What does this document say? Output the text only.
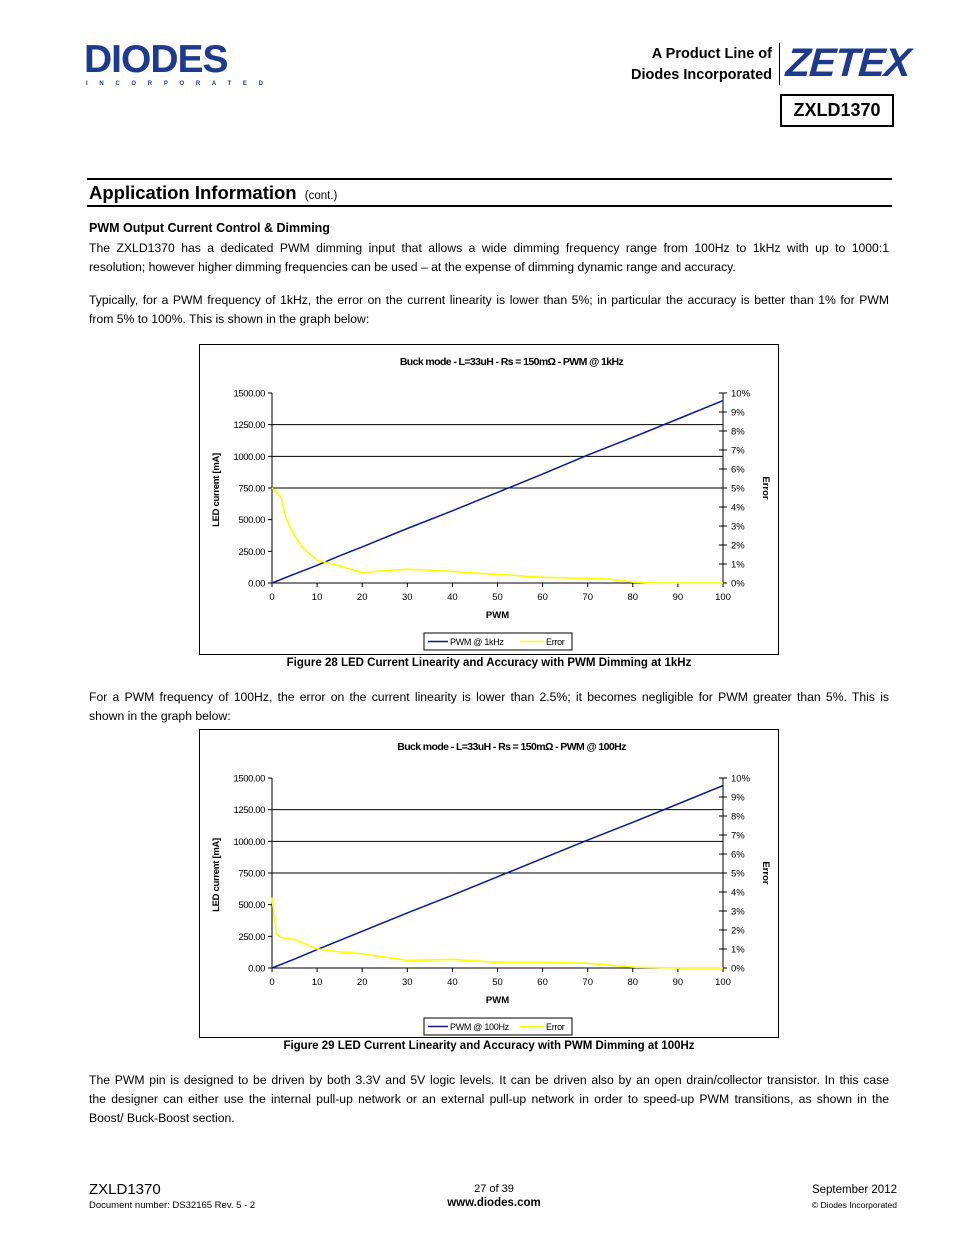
DIODES
INCORPORATED
A Product Line of
Diodes Incorporated ZETEX
ZXLD1370
Application Information (cont.)
PWM Output Current Control & Dimming
The ZXLD1370 has a dedicated PWM dimming input that allows a wide dimming frequency range from 100Hz to 1kHz with up to 1000:1
resolution; however higher dimming frequencies can be used – at the expense of dimming dynamic range and accuracy.
Typically, for a PWM frequency of 1kHz, the error on the current linearity is lower than 5%; in particular the accuracy is better than 1% for PWM
from 5% to 100%. This is shown in the graph below:
Buck mode - L=33uH - Rs = 150mΩ - PWM @ 1kHz
0.00
250.00
500.00
750.00
1000.00
1250.00
1500.00
0%
1%
2%
3%
4%
5%
6%
7%
8%
9%
10%
0	10	20	30	40	50	60	70	80	90	100
PWM
LED current [mA]	Error
PWM @ 1kHz	Error
Figure 28 LED Current Linearity and Accuracy with PWM Dimming at 1kHz
For a PWM frequency of 100Hz, the error on the current linearity is lower than 2.5%; it becomes negligible for PWM greater than 5%. This is
shown in the graph below:
Buck mode - L=33uH - Rs = 150mΩ - PWM @ 100Hz
0.00
250.00
500.00
750.00
1000.00
1250.00
1500.00
0%
1%
2%
3%
4%
5%
6%
7%
8%
9%
10%
0	10	20	30	40	50	60	70	80	90	100
PWM
LED current [mA]	Error
PWM @ 100Hz	Error
Figure 29 LED Current Linearity and Accuracy with PWM Dimming at 100Hz
The PWM pin is designed to be driven by both 3.3V and 5V logic levels. It can be driven also by an open drain/collector transistor. In this case
the designer can either use the internal pull-up network or an external pull-up network in order to speed-up PWM transitions, as shown in the
Boost/ Buck-Boost section.
ZXLD1370
Document number: DS32165 Rev. 5 - 2
27 of 39
www.diodes.com
September 2012
© Diodes Incorporated
